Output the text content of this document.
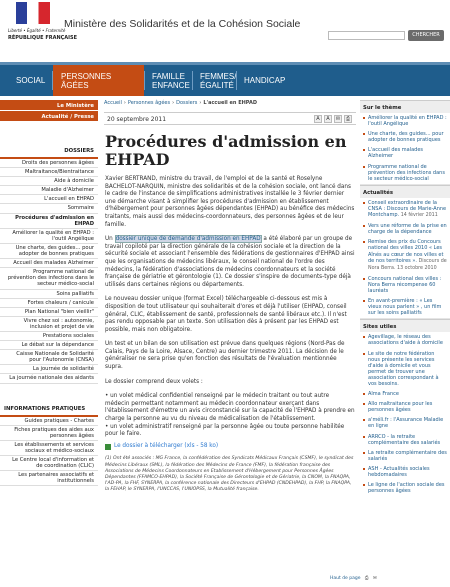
Liberté • Égalité • Fraternité
RÉPUBLIQUE FRANÇAISE
Ministère des Solidarités et de la Cohésion Sociale
CHERCHER
SOCIAL	PERSONNES ÂGÉES
FAMILLE ENFANCE
FEMMES/ ÉGALITÉ	HANDICAP
Le Ministère
Actualité / Presse
DOSSIERS
Droits des personnes âgées
Maltraitance/Bientraitance
Aide à domicile
Maladie d'Alzheimer
L'accueil en EHPAD
Sommaire
Procédures d'admission en EHPAD
Améliorer la qualité en EHPAD : l'outil Angélique
Une charte, des guides... pour adopter de bonnes pratiques
Accueil des malades Alzheimer
Programme national de prévention des infections dans le secteur médico-social
Soins palliatifs
Fortes chaleurs / canicule
Plan National "bien vieillir"
Vivre chez soi : autonomie, inclusion et projet de vie
Prestations sociales
Le débat sur la dépendance
Caisse Nationale de Solidarité pour l'Autonomie (CNSA)
La journée de solidarité
La journée nationale des aidants
INFORMATIONS PRATIQUES
Guides pratiques - Chartes
Fiches pratiques des aides aux personnes âgées
Les établissements et services sociaux et médico-sociaux
Le Centre local d'information et de coordination (CLIC)
Les partenaires associatifs et institutionnels
Accueil › Personnes âgées › Dossiers › L'accueil en EHPAD
20 septembre 2011	A	A	✉	⎙
Procédures d'admission en EHPAD

Xavier BERTRAND, ministre du travail, de l'emploi et de la santé et Roselyne BACHELOT-NARQUIN, ministre des solidarités et de la cohésion sociale, ont lancé dans le cadre de l'instance de simplifications administratives installée le 3 février dernier une démarche visant à simplifier les procédures d'admission en établissement d'hébergement pour personnes âgées dépendantes (EHPAD) au bénéfice des médecins traitants, mais aussi des médecins-coordonnateurs, des personnes âgées et de leur famille.

Un dossier unique de demande d'admission en EHPAD a été élaboré par un groupe de travail copiloté par la direction générale de la cohésion sociale et la direction de la sécurité sociale et associant l'ensemble des fédérations de gestionnaires d'EHPAD ainsi que les organisations de médecins libéraux, le conseil national de l'ordre des médecins, la fédération d'associations de médecins coordonnateurs et la société française de gériatrie et gérontologie (1). Ce dossier s'inspire de documents-type déjà utilisés dans certaines régions ou départements.

Le nouveau dossier unique (format Excel) téléchargeable ci-dessous est mis à disposition de tout utilisateur qui souhaiterait d'ores et déjà l'utiliser (EHPAD, conseil général, CLIC, établissement de santé, professionnels de santé libéraux etc.). Il n'est pas rendu opposable par un texte. Son utilisation dès à présent par les EHPAD est possible, mais non obligatoire.

Un test et un bilan de son utilisation est prévue dans quelques régions (Nord-Pas de Calais, Pays de la Loire, Alsace, Centre) au dernier trimestre 2011. La décision de le généraliser ne sera prise qu'en fonction des résultats de l'évaluation mentionnée supra.

Le dossier comprend deux volets :

• un volet médical confidentiel renseigné par le médecin traitant ou tout autre médecin permettant notamment au médecin coordonnateur exerçant dans l'établissement d'émettre un avis circonstancié sur la capacité de l'EHPAD à prendre en charge la personne au vu du niveau de médicalisation de l'établissement.
• un volet administratif renseigné par la personne âgée ou toute personne habilitée pour le faire.
Le dossier à télécharger (xls - 58 ko)
(1) Ont été associés : MG France, la confédération des Syndicats Médicaux Français (CSMF), le syndicat des Médecins Libéraux (SML), la fédération des Médecins de France (FMF), la fédération française des Associations de Médecins Coordonnateurs en Etablissement d'Hébergement pour Personnes Âgées Dépendantes (FFAMCO-EHPAD), la Société Française de Gérontologie et de Gériatrie, la CNOM, la FNAQPA, l'AD-PA, la FHF, SYNERPA, la conférence nationale des Directeurs d'EHPAD (CNDEHPAD), la FHP, la FNAQPA, la FEHAP, le SYNERPA, l'UNCCAS, l'UNIOPSS, la Mutualité française.
Haut de page ⎙ ✉
Sur le thème
Améliorer la qualité en EHPAD : l'outil Angélique
Une charte, des guides... pour adopter de bonnes pratiques
L'accueil des malades Alzheimer
Programme national de prévention des infections dans le secteur médico-social
Actualités
Conseil extraordinaire de la CNSA : Discours de Marie-Anne Montchamp. 14 février 2011
Vers une réforme de la prise en charge de la dépendance
Remise des prix du Concours national des villes 2010 « Les Aînés au cœur de nos villes et de nos territoires ». Discours de Nora Berra. 13 octobre 2010
Concours national des villes : Nora Berra récompense 60 lauréats
En avant-première : « Les vieux nous parlent » , un film sur les soins palliatifs
Sites utiles
Agevillage, le réseau des associations d'aide à domicile
Le site de notre fédération nous présente les services d'aide à domicile et vous permet de trouver une association correspondant à vos besoins.
Alma France
Allo maltraitance pour les personnes âgées
a'méli.fr : l'Assurance Maladie en ligne
ARRCO - la retraite complémentaire des salariés
La retraite complémentaire des salariés
ASH - Actualités sociales hebdomadaires
Le ligne de l'action sociale des personnes âgées
